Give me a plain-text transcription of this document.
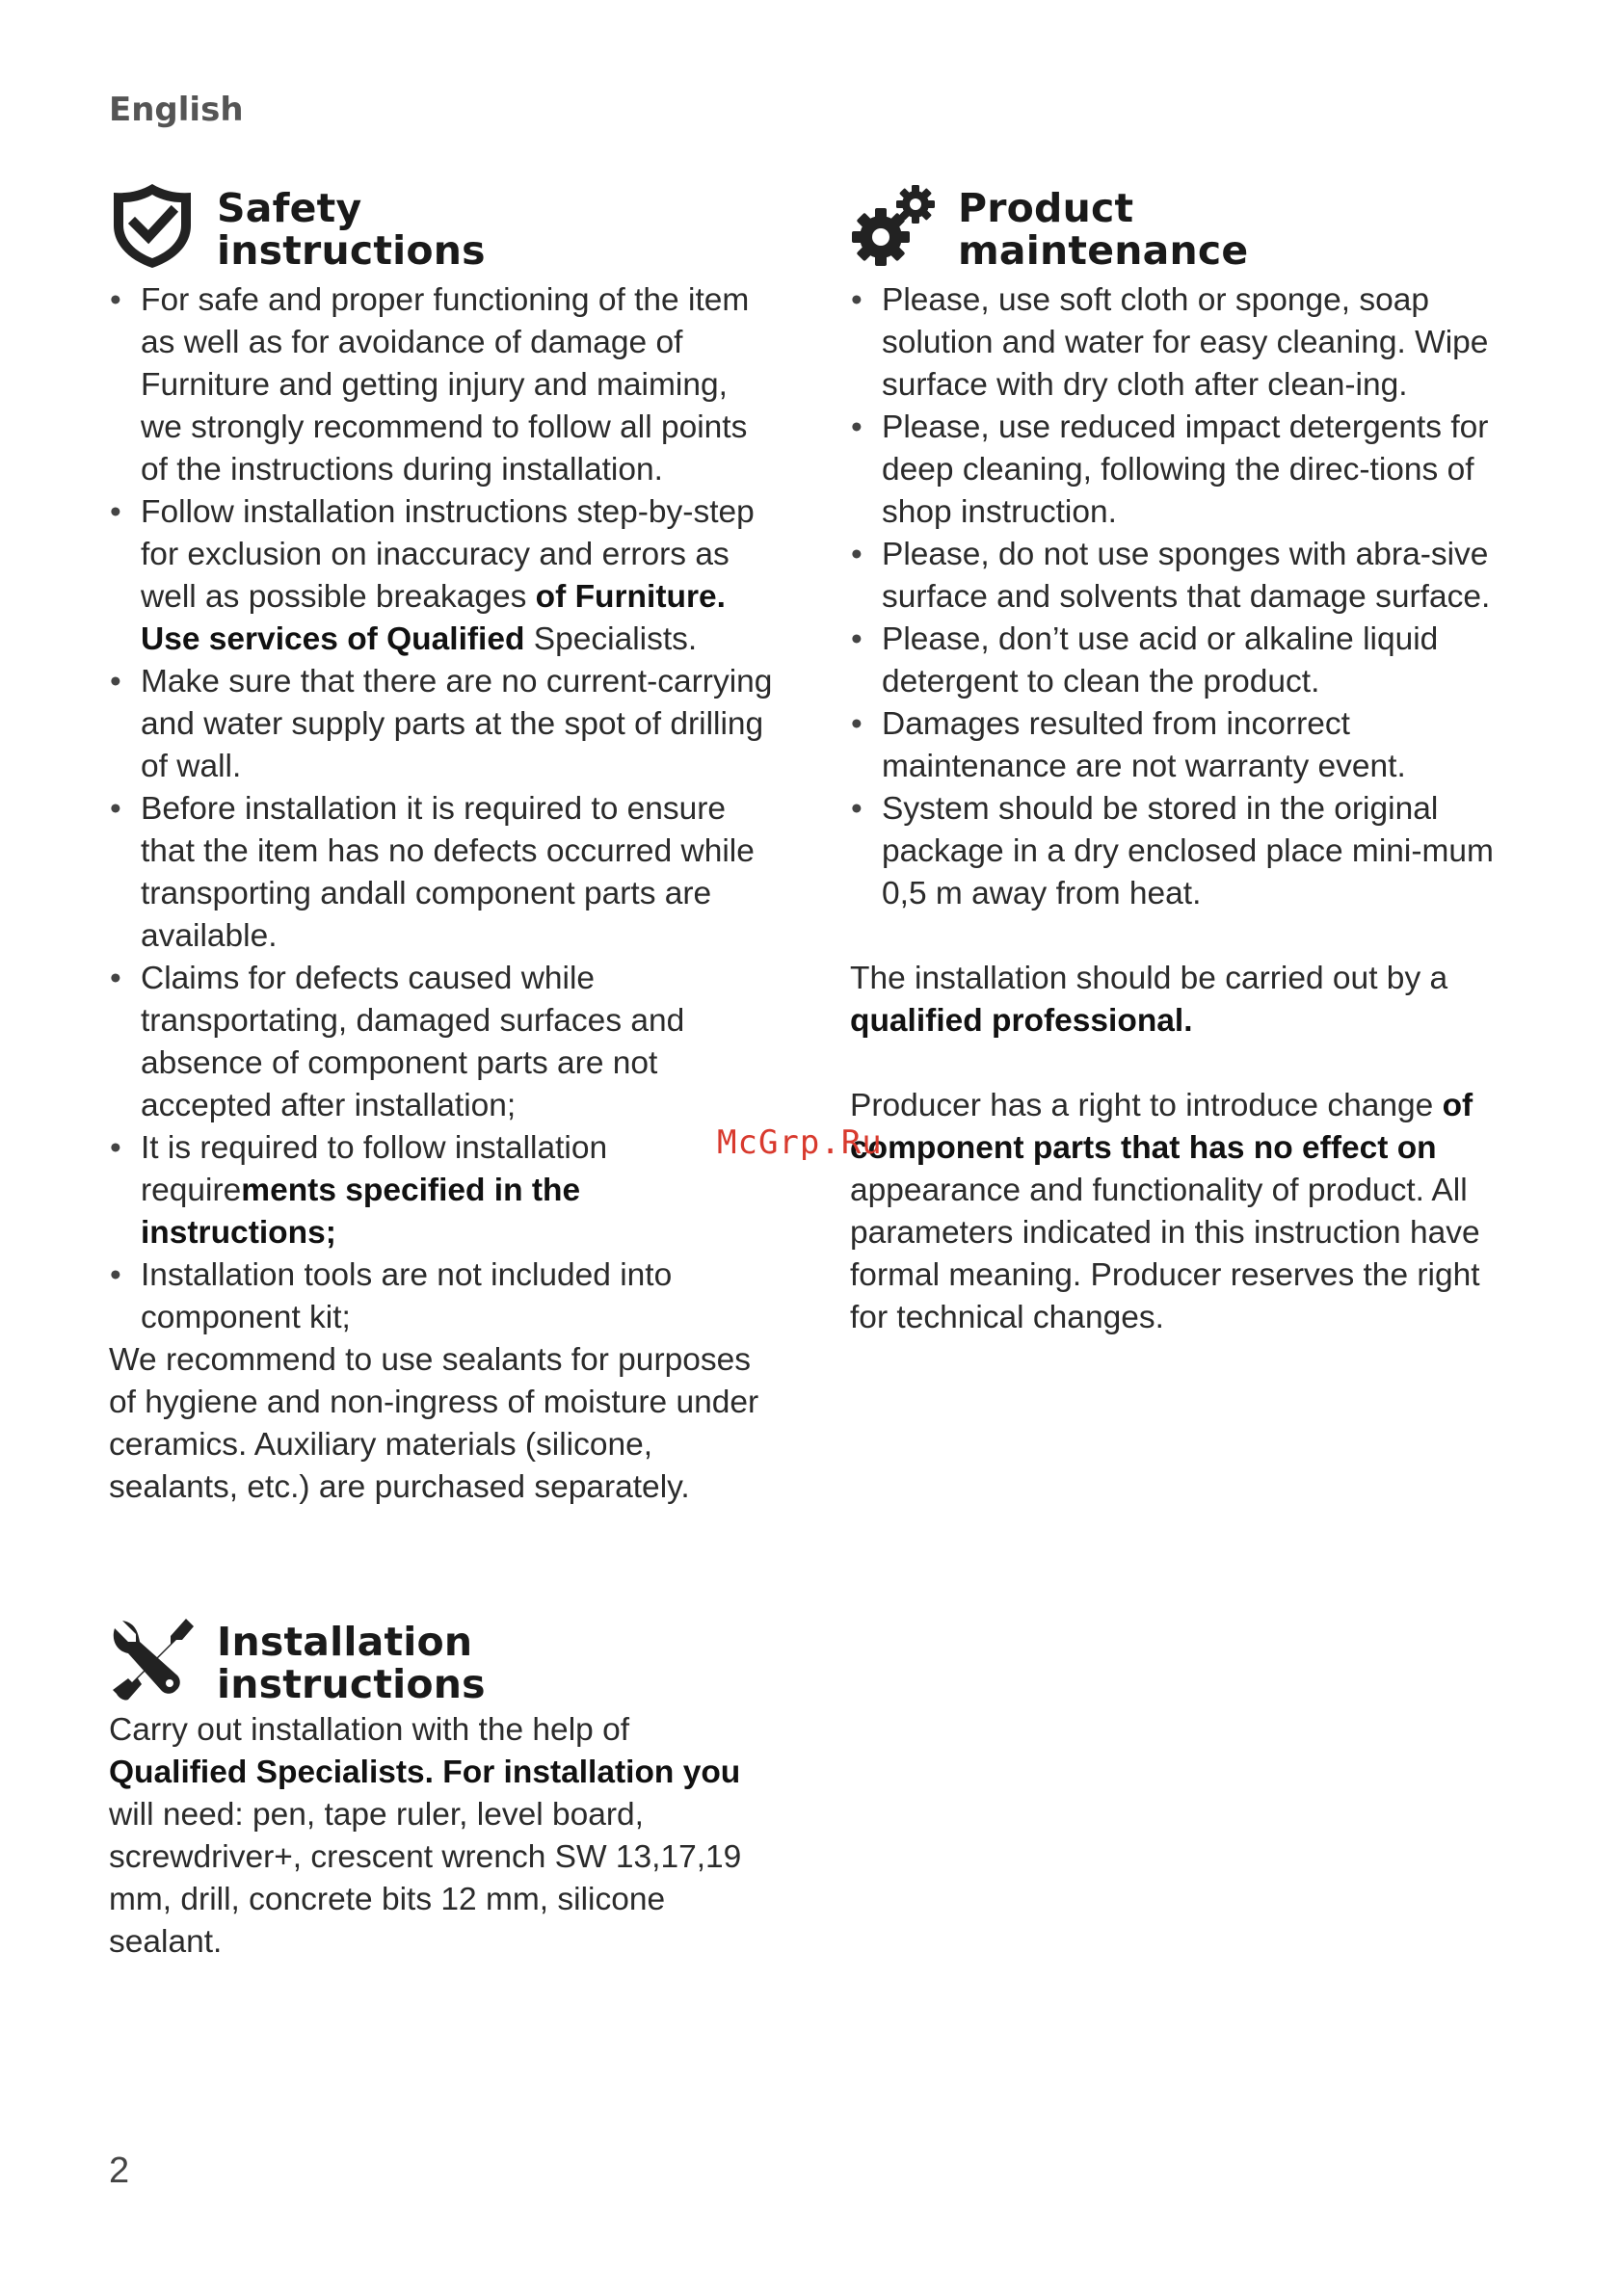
English
Safety
instructions
• For safe and proper functioning of the item as well as for avoidance of damage of Furniture and getting injury and maiming, we strongly recommend to follow all points of the instructions during installation.
• Follow installation instructions step-by-step for exclusion on inaccuracy and errors as well as possible breakages of Furniture. Use services of Qualified Specialists.
• Make sure that there are no current-carrying and water supply parts at the spot of drilling of wall.
• Before installation it is required to ensure that the item has no defects occurred while transporting andall component parts are available.
• Claims for defects caused while transportating, damaged surfaces and absence of component parts are not accepted after installation;
• It is required to follow installation requirements specified in the instructions;
• Installation tools are not included into component kit;

We recommend to use sealants for purposes of hygiene and non-ingress of moisture under ceramics. Auxiliary materials (silicone, sealants, etc.) are purchased separately.

Installation
instructions

Carry out installation with the help of Qualified Specialists. For installation you will need: pen, tape ruler, level board, screwdriver+, crescent wrench SW 13,17,19 mm, drill, concrete bits 12 mm, silicone sealant.

Product
maintenance
• Please, use soft cloth or sponge, soap solution and water for easy cleaning. Wipe surface with dry cloth after clean-ing.
• Please, use reduced impact detergents for deep cleaning, following the direc-tions of shop instruction.
• Please, do not use sponges with abra-sive surface and solvents that damage surface.
• Please, don’t use acid or alkaline liquid detergent to clean the product.
• Damages resulted from incorrect maintenance are not warranty event.
• System should be stored in the original package in a dry enclosed place mini-mum 0,5 m away from heat.

The installation should be carried out by a qualified professional.

Producer has a right to introduce change of component parts that has no effect on appearance and functionality of product. All parameters indicated in this instruction have formal meaning. Producer reserves the right for technical changes.

McGrp.Ru
2
